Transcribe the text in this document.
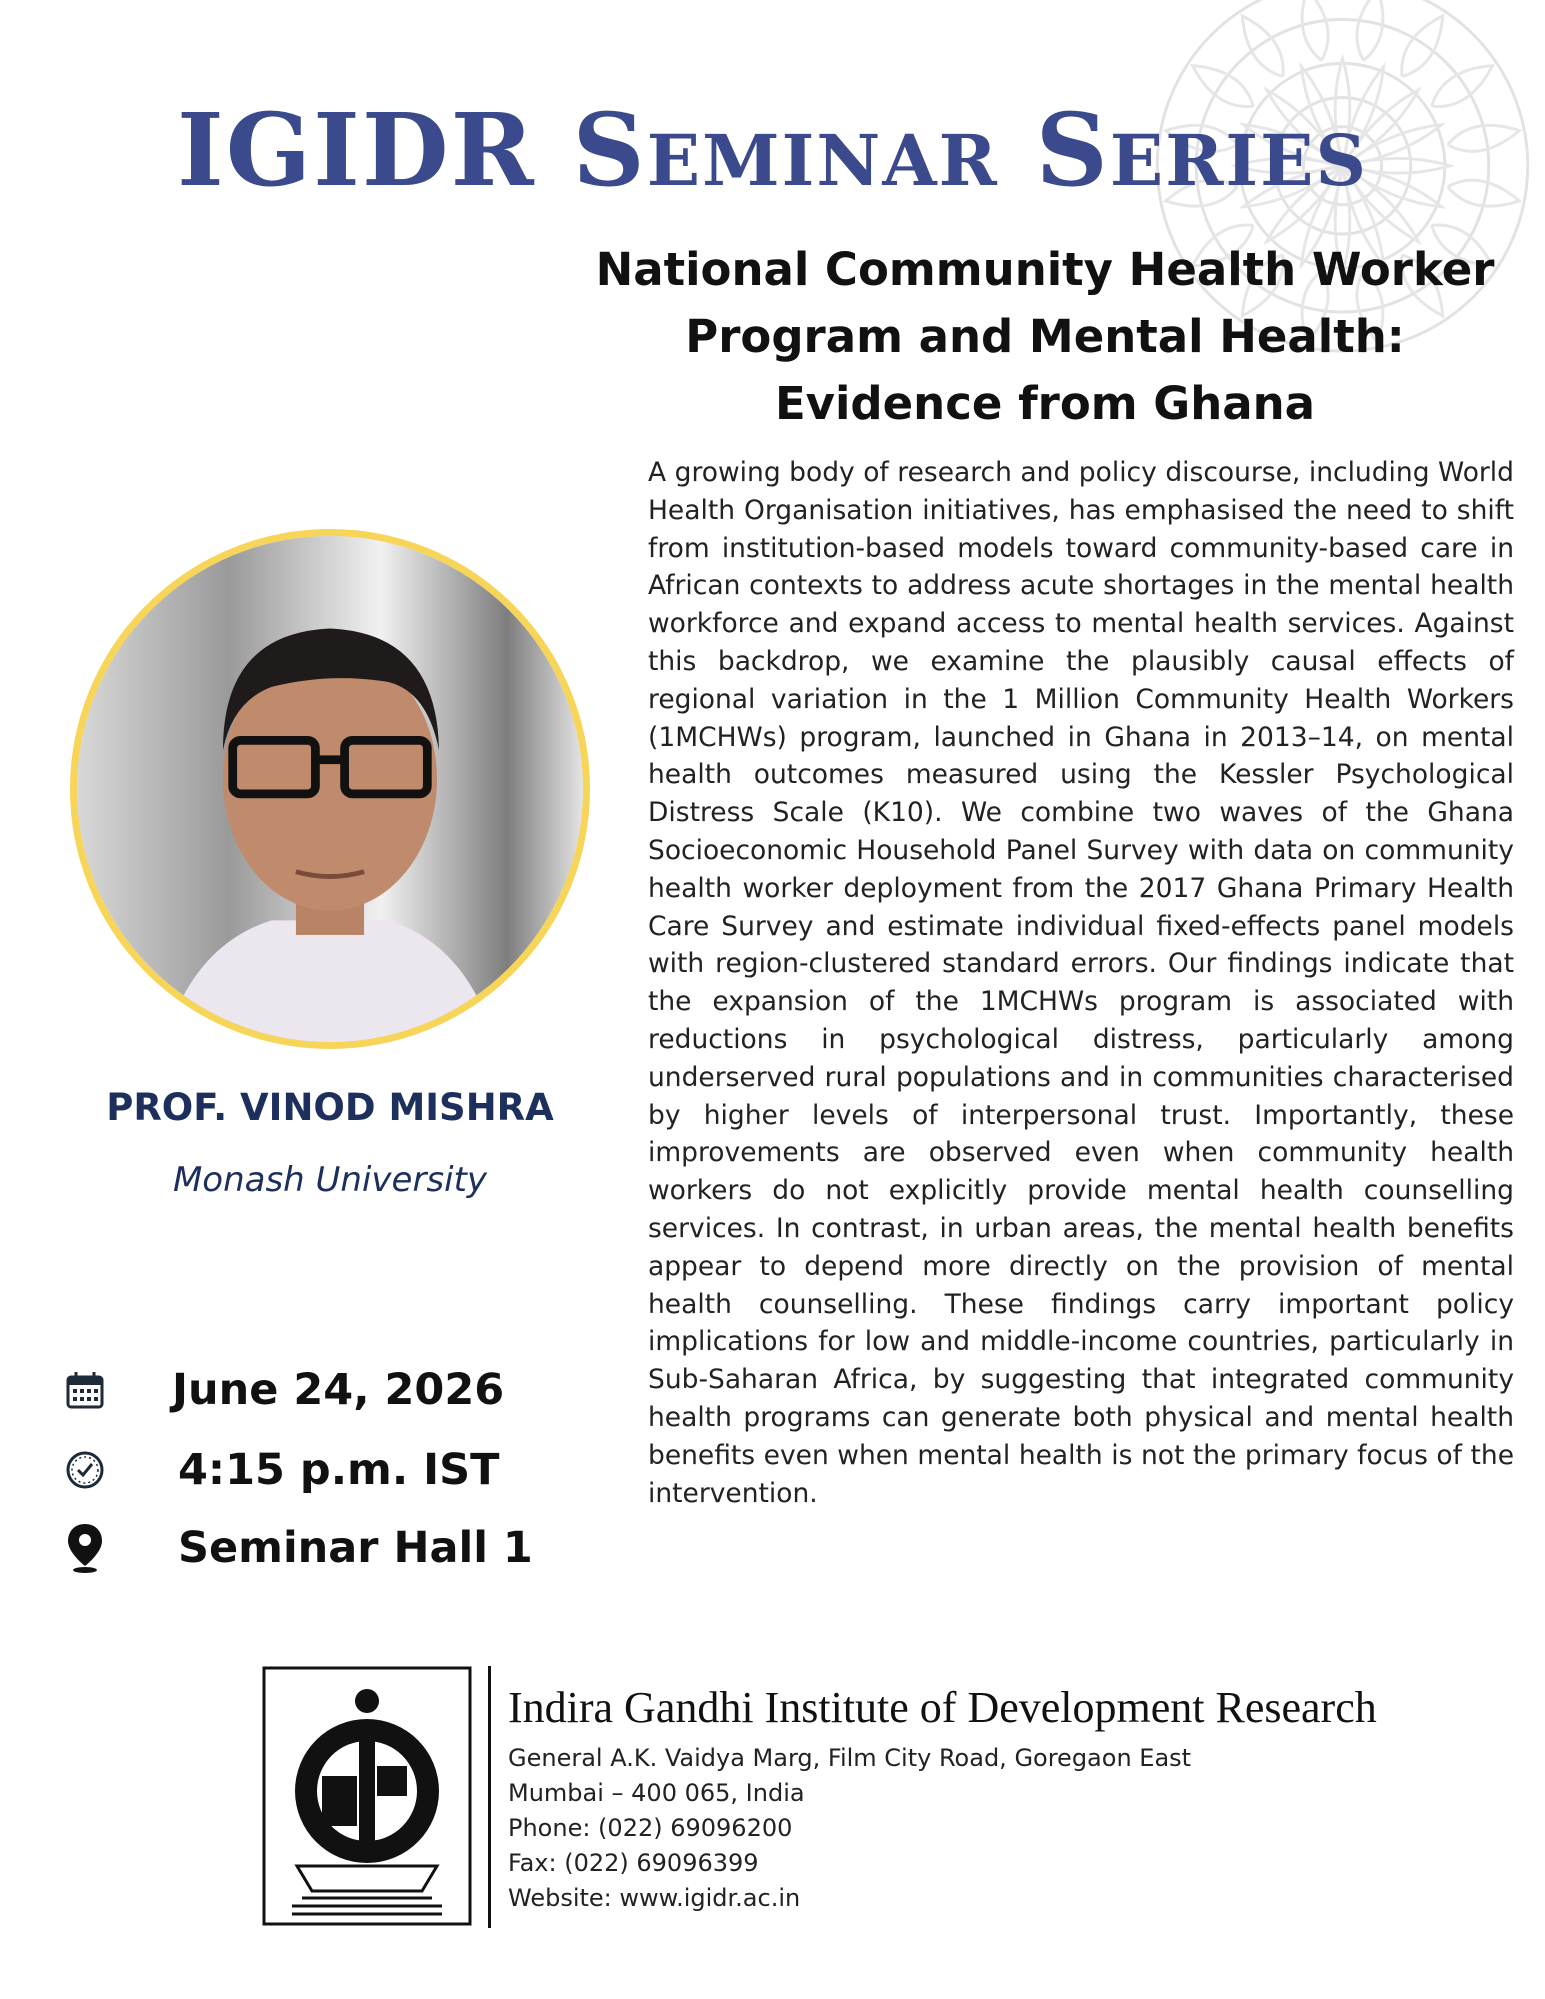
IGIDR Seminar Series
National Community Health Worker
Program and Mental Health:
Evidence from Ghana

A growing body of research and policy discourse, including World Health Organisation initiatives, has emphasised the need to shift from institution-based models toward community-based care in African contexts to address acute shortages in the mental health workforce and expand access to mental health services. Against this backdrop, we examine the plausibly causal effects of regional variation in the 1 Million Community Health Workers (1MCHWs) program, launched in Ghana in 2013–14, on mental health outcomes measured using the Kessler Psychological Distress Scale (K10). We combine two waves of the Ghana Socioeconomic Household Panel Survey with data on community health worker deployment from the 2017 Ghana Primary Health Care Survey and estimate individual fixed-effects panel models with region-clustered standard errors. Our findings indicate that the expansion of the 1MCHWs program is associated with reductions in psychological distress, particularly among underserved rural populations and in communities characterised by higher levels of interpersonal trust. Importantly, these improvements are observed even when community health workers do not explicitly provide mental health counselling services. In contrast, in urban areas, the mental health benefits appear to depend more directly on the provision of mental health counselling. These findings carry important policy implications for low and middle-income countries, particularly in Sub-Saharan Africa, by suggesting that integrated community health programs can generate both physical and mental health benefits even when mental health is not the primary focus of the intervention.

PROF. VINOD MISHRA
Monash University
June 24, 2026
4:15 p.m. IST
Seminar Hall 1
Indira Gandhi Institute of Development Research
General A.K. Vaidya Marg, Film City Road, Goregaon East
Mumbai – 400 065, India
Phone: (022) 69096200
Fax: (022) 69096399
Website: www.igidr.ac.in
